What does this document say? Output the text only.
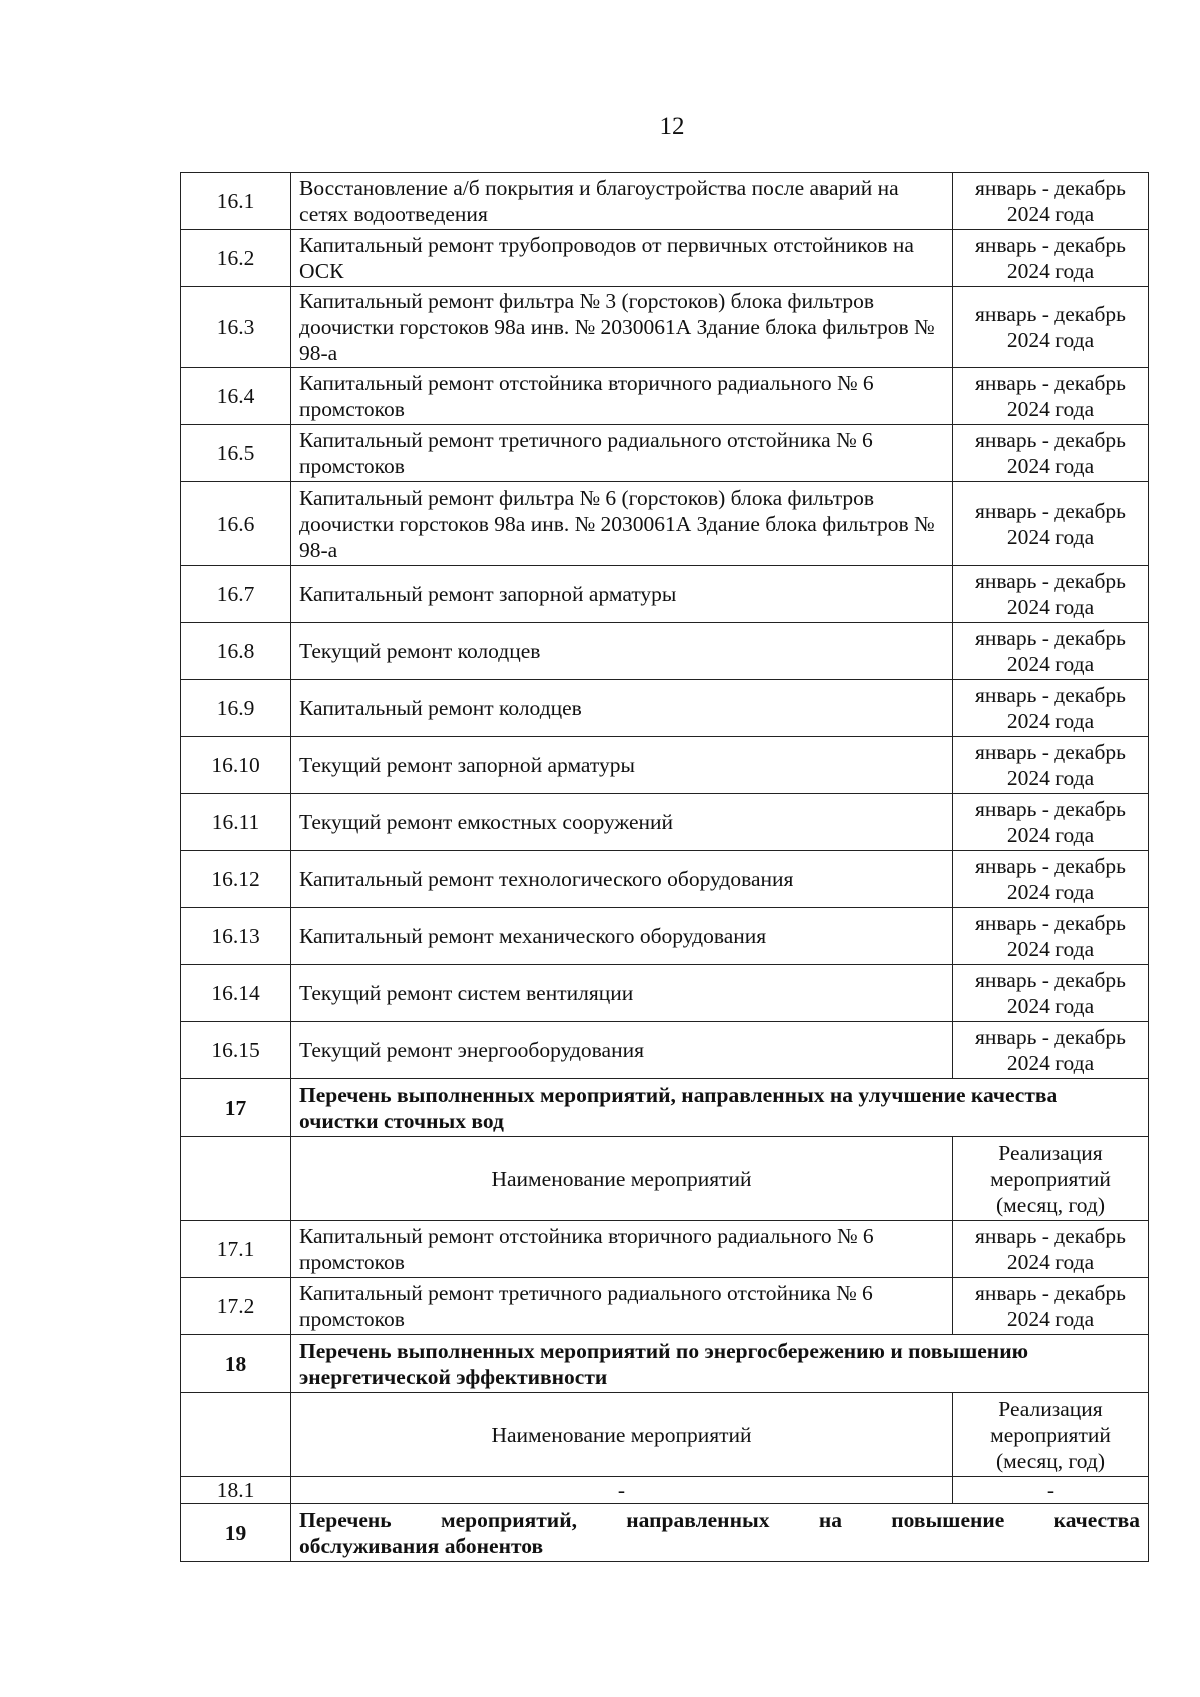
12
16.1	Восстановление а/б покрытия и благоустройства после аварий на сетях водоотведения	январь - декабрь 2024 года
16.2	Капитальный ремонт трубопроводов от первичных отстойников на ОСК	январь - декабрь 2024 года
16.3	Капитальный ремонт фильтра № 3 (горстоков) блока фильтров доочистки горстоков 98а инв. № 2030061А Здание блока фильтров № 98-а	январь - декабрь 2024 года
16.4	Капитальный ремонт отстойника вторичного радиального № 6 промстоков	январь - декабрь 2024 года
16.5	Капитальный ремонт третичного радиального отстойника № 6 промстоков	январь - декабрь 2024 года
16.6	Капитальный ремонт фильтра № 6 (горстоков) блока фильтров доочистки горстоков 98а инв. № 2030061А Здание блока фильтров № 98-а	январь - декабрь 2024 года
16.7	Капитальный ремонт запорной арматуры	январь - декабрь 2024 года
16.8	Текущий ремонт колодцев	январь - декабрь 2024 года
16.9	Капитальный ремонт колодцев	январь - декабрь 2024 года
16.10	Текущий ремонт запорной арматуры	январь - декабрь 2024 года
16.11	Текущий ремонт емкостных сооружений	январь - декабрь 2024 года
16.12	Капитальный ремонт технологического оборудования	январь - декабрь 2024 года
16.13	Капитальный ремонт механического оборудования	январь - декабрь 2024 года
16.14	Текущий ремонт систем вентиляции	январь - декабрь 2024 года
16.15	Текущий ремонт энергооборудования	январь - декабрь 2024 года
17	Перечень выполненных мероприятий, направленных на улучшение качества очистки сточных вод	
	Наименование мероприятий	Реализация мероприятий (месяц, год)
17.1	Капитальный ремонт отстойника вторичного радиального № 6 промстоков	январь - декабрь 2024 года
17.2	Капитальный ремонт третичного радиального отстойника № 6 промстоков	январь - декабрь 2024 года
18	Перечень выполненных мероприятий по энергосбережению и повышению энергетической эффективности	
	Наименование мероприятий	Реализация мероприятий (месяц, год)
18.1	-	-
19	Перечень мероприятий, направленных на повышение качества
обслуживания абонентов	
